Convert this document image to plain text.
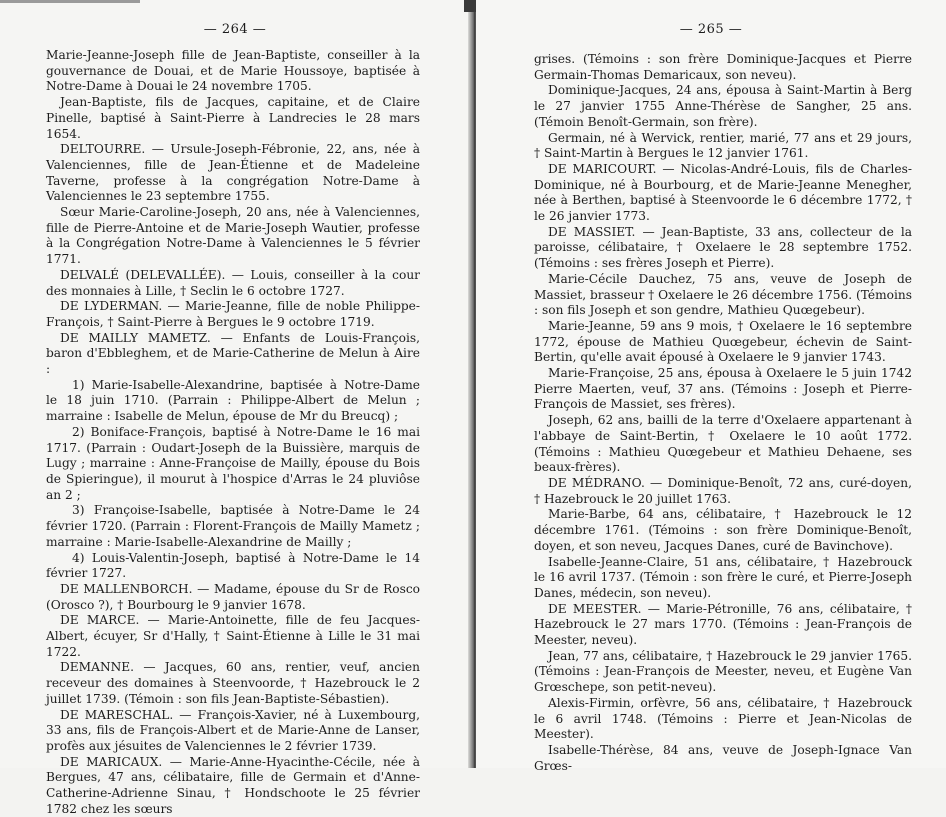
— 264 —

Marie-Jeanne-Joseph fille de Jean-Baptiste, conseiller à la gouvernance de Douai, et de Marie Houssoye, baptisée à Notre-Dame à Douai le 24 novembre 1705.

Jean-Baptiste, fils de Jacques, capitaine, et de Claire Pinelle, baptisé à Saint-Pierre à Landrecies le 28 mars 1654.

DELTOURRE. — Ursule-Joseph-Fébronie, 22, ans, née à Valenciennes, fille de Jean-Étienne et de Madeleine Taverne, professe à la congrégation Notre-Dame à Valenciennes le 23 septembre 1755.

Sœur Marie-Caroline-Joseph, 20 ans, née à Valenciennes, fille de Pierre-Antoine et de Marie-Joseph Wautier, professe à la Congrégation Notre-Dame à Valenciennes le 5 février 1771.

DELVALÉ (DELEVALLÉE). — Louis, conseiller à la cour des monnaies à Lille, † Seclin le 6 octobre 1727.

DE LYDERMAN. — Marie-Jeanne, fille de noble Philippe-François, † Saint-Pierre à Bergues le 9 octobre 1719.

DE MAILLY MAMETZ. — Enfants de Louis-François, baron d'Ebbleghem, et de Marie-Catherine de Melun à Aire :

1) Marie-Isabelle-Alexandrine, baptisée à Notre-Dame le 18 juin 1710. (Parrain : Philippe-Albert de Melun ; marraine : Isabelle de Melun, épouse de Mr du Breucq) ;

2) Boniface-François, baptisé à Notre-Dame le 16 mai 1717. (Parrain : Oudart-Joseph de la Buissière, marquis de Lugy ; marraine : Anne-Françoise de Mailly, épouse du Bois de Spieringue), il mourut à l'hospice d'Arras le 24 pluviôse an 2 ;

3) Françoise-Isabelle, baptisée à Notre-Dame le 24 février 1720. (Parrain : Florent-François de Mailly Mametz ; marraine : Marie-Isabelle-Alexandrine de Mailly ;

4) Louis-Valentin-Joseph, baptisé à Notre-Dame le 14 février 1727.

DE MALLENBORCH. — Madame, épouse du Sr de Rosco (Orosco ?), † Bourbourg le 9 janvier 1678.

DE MARCE. — Marie-Antoinette, fille de feu Jacques-Albert, écuyer, Sr d'Hally, † Saint-Étienne à Lille le 31 mai 1722.

DEMANNE. — Jacques, 60 ans, rentier, veuf, ancien receveur des domaines à Steenvoorde, † Hazebrouck le 2 juillet 1739. (Témoin : son fils Jean-Baptiste-Sébastien).

DE MARESCHAL. — François-Xavier, né à Luxembourg, 33 ans, fils de François-Albert et de Marie-Anne de Lanser, profès aux jésuites de Valenciennes le 2 février 1739.

DE MARICAUX. — Marie-Anne-Hyacinthe-Cécile, née à Bergues, 47 ans, célibataire, fille de Germain et d'Anne-Catherine-Adrienne Sinau, † Hondschoote le 25 février 1782 chez les sœurs

— 265 —

grises. (Témoins : son frère Dominique-Jacques et Pierre Germain-Thomas Demaricaux, son neveu).

Dominique-Jacques, 24 ans, épousa à Saint-Martin à Berg le 27 janvier 1755 Anne-Thérèse de Sangher, 25 ans. (Témoin Benoît-Germain, son frère).

Germain, né à Wervick, rentier, marié, 77 ans et 29 jours, † Saint-Martin à Bergues le 12 janvier 1761.

DE MARICOURT. — Nicolas-André-Louis, fils de Charles-Dominique, né à Bourbourg, et de Marie-Jeanne Menegher, née à Berthen, baptisé à Steenvoorde le 6 décembre 1772, † le 26 janvier 1773.

DE MASSIET. — Jean-Baptiste, 33 ans, collecteur de la paroisse, célibataire, † Oxelaere le 28 septembre 1752. (Témoins : ses frères Joseph et Pierre).

Marie-Cécile Dauchez, 75 ans, veuve de Joseph de Massiet, brasseur † Oxelaere le 26 décembre 1756. (Témoins : son fils Joseph et son gendre, Mathieu Quœgebeur).

Marie-Jeanne, 59 ans 9 mois, † Oxelaere le 16 septembre 1772, épouse de Mathieu Quœgebeur, échevin de Saint-Bertin, qu'elle avait épousé à Oxelaere le 9 janvier 1743.

Marie-Françoise, 25 ans, épousa à Oxelaere le 5 juin 1742 Pierre Maerten, veuf, 37 ans. (Témoins : Joseph et Pierre-François de Massiet, ses frères).

Joseph, 62 ans, bailli de la terre d'Oxelaere appartenant à l'abbaye de Saint-Bertin, † Oxelaere le 10 août 1772. (Témoins : Mathieu Quœgebeur et Mathieu Dehaene, ses beaux-frères).

DE MÉDRANO. — Dominique-Benoît, 72 ans, curé-doyen, † Hazebrouck le 20 juillet 1763.

Marie-Barbe, 64 ans, célibataire, † Hazebrouck le 12 décembre 1761. (Témoins : son frère Dominique-Benoît, doyen, et son neveu, Jacques Danes, curé de Bavinchove).

Isabelle-Jeanne-Claire, 51 ans, célibataire, † Hazebrouck le 16 avril 1737. (Témoin : son frère le curé, et Pierre-Joseph Danes, médecin, son neveu).

DE MEESTER. — Marie-Pétronille, 76 ans, célibataire, † Hazebrouck le 27 mars 1770. (Témoins : Jean-François de Meester, neveu).

Jean, 77 ans, célibataire, † Hazebrouck le 29 janvier 1765. (Témoins : Jean-François de Meester, neveu, et Eugène Van Grœschepe, son petit-neveu).

Alexis-Firmin, orfèvre, 56 ans, célibataire, † Hazebrouck le 6 avril 1748. (Témoins : Pierre et Jean-Nicolas de Meester).

Isabelle-Thérèse, 84 ans, veuve de Joseph-Ignace Van Grœs-
